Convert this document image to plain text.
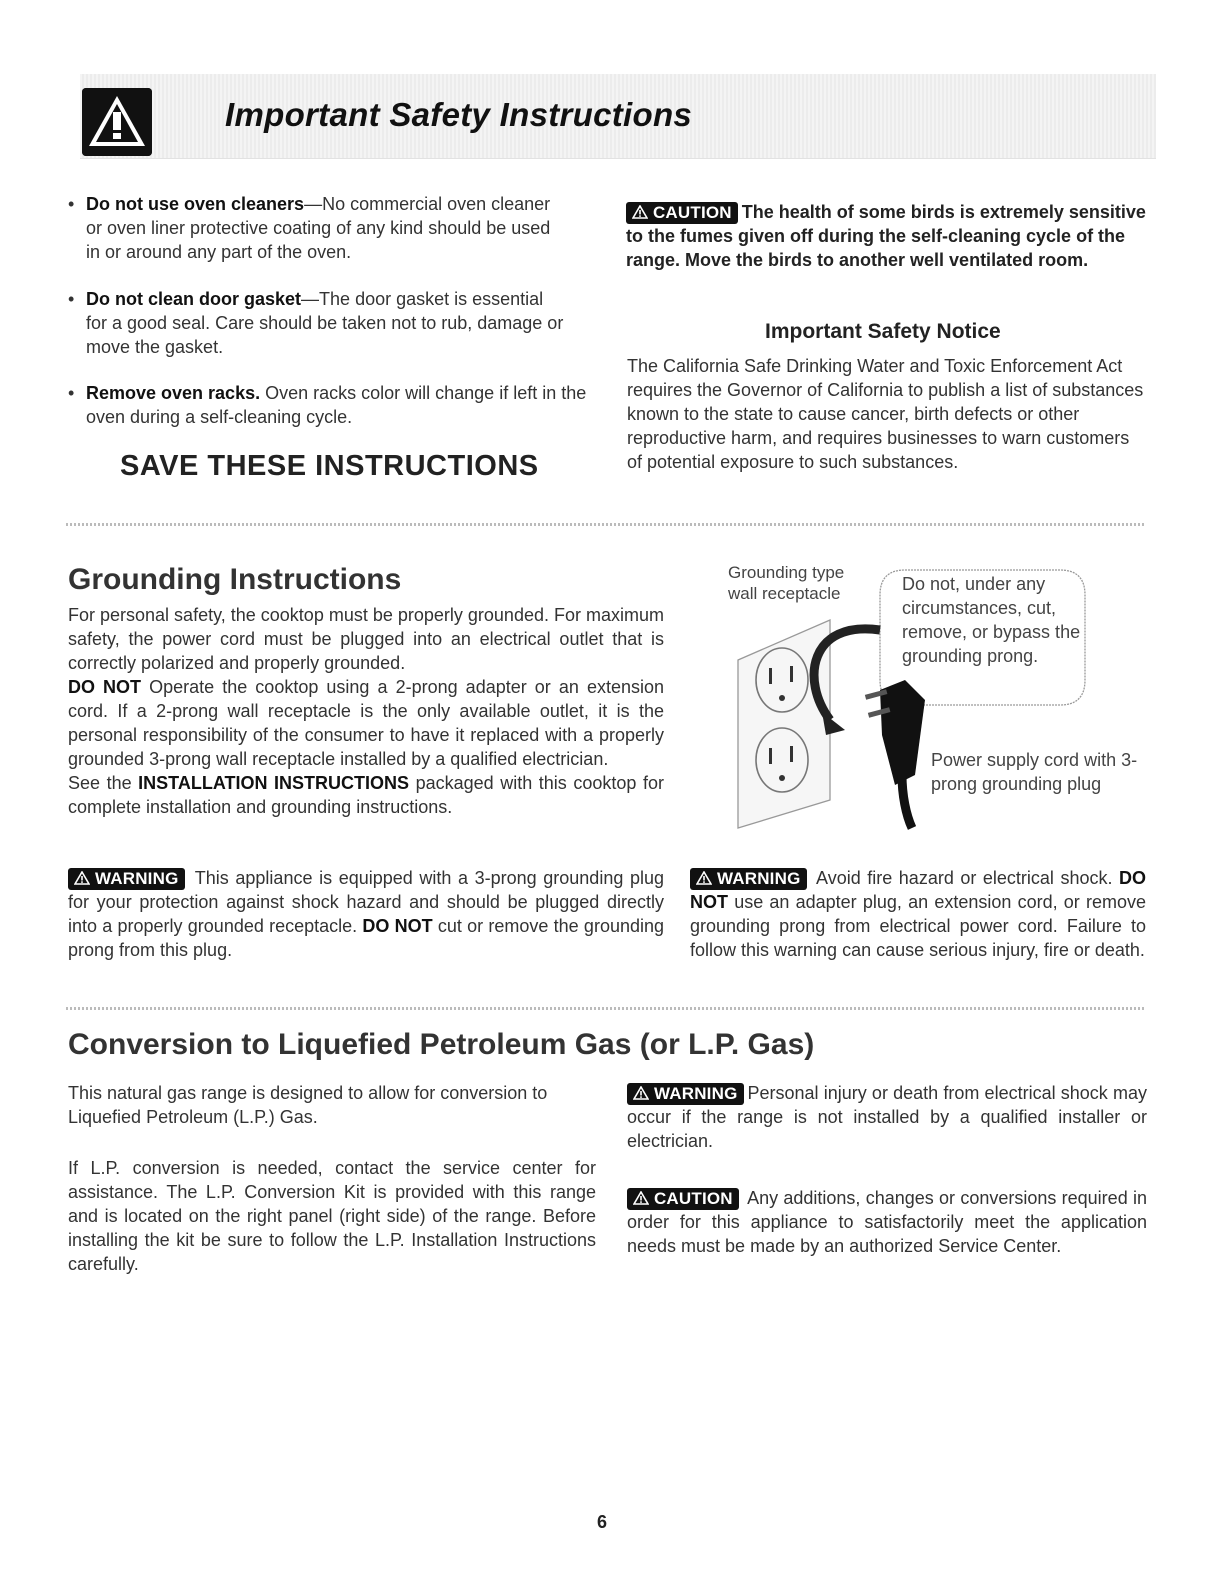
Important Safety Instructions
• Do not use oven cleaners—No commercial oven cleaner or oven liner protective coating of any kind should be used in or around any part of the oven.
• Do not clean door gasket—The door gasket is essential for a good seal. Care should be taken not to rub, damage or move the gasket.
• Remove oven racks. Oven racks color will change if left in the oven during a self-cleaning cycle.
SAVE THESE INSTRUCTIONS
CAUTION The health of some birds is extremely sensitive to the fumes given off during the self-cleaning cycle of the range. Move the birds to another well ventilated room.
Important Safety Notice
The California Safe Drinking Water and Toxic Enforcement Act requires the Governor of California to publish a list of substances known to the state to cause cancer, birth defects or other reproductive harm, and requires businesses to warn customers of potential exposure to such substances.
Grounding Instructions
For personal safety, the cooktop must be properly grounded. For maximum safety, the power cord must be plugged into an electrical outlet that is correctly polarized and properly grounded.
DO NOT Operate the cooktop using a 2-prong adapter or an extension cord. If a 2-prong wall receptacle is the only available outlet, it is the personal responsibility of the consumer to have it replaced with a properly grounded 3-prong wall receptacle installed by a qualified electrician.
See the INSTALLATION INSTRUCTIONS packaged with this cooktop for complete installation and grounding instructions.
Grounding type wall receptacle	Do not, under any circumstances, cut, remove, or bypass the grounding prong.
Power supply cord with 3-prong grounding plug
WARNING This appliance is equipped with a 3-prong grounding plug for your protection against shock hazard and should be plugged directly into a properly grounded receptacle. DO NOT cut or remove the grounding prong from this plug.
WARNING Avoid fire hazard or electrical shock. DO NOT use an adapter plug, an extension cord, or remove grounding prong from electrical power cord. Failure to follow this warning can cause serious injury, fire or death.
Conversion to Liquefied Petroleum Gas (or L.P. Gas)
This natural gas range is designed to allow for conversion to Liquefied Petroleum (L.P.) Gas.
If L.P. conversion is needed, contact the service center for assistance. The L.P. Conversion Kit is provided with this range and is located on the right panel (right side) of the range. Before installing the kit be sure to follow the L.P. Installation Instructions carefully.
WARNING Personal injury or death from electrical shock may occur if the range is not installed by a qualified installer or electrician.
CAUTION Any additions, changes or conversions required in order for this appliance to satisfactorily meet the application needs must be made by an authorized Service Center.
6
